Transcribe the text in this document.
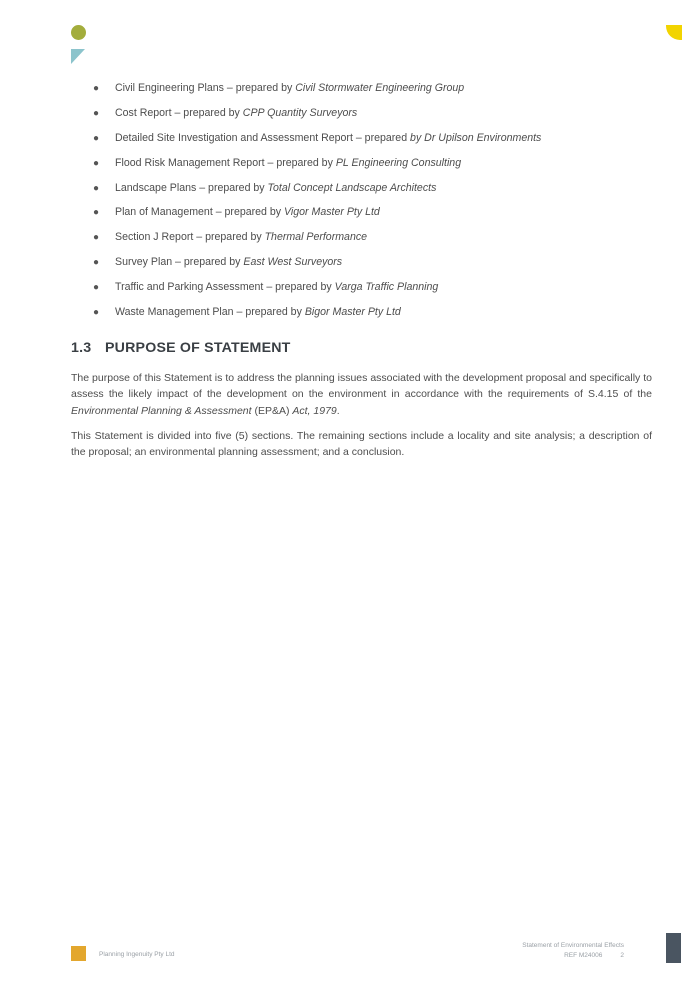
● Civil Engineering Plans – prepared by Civil Stormwater Engineering Group
● Cost Report – prepared by CPP Quantity Surveyors
● Detailed Site Investigation and Assessment Report – prepared by Dr Upilson Environments
● Flood Risk Management Report – prepared by PL Engineering Consulting
● Landscape Plans – prepared by Total Concept Landscape Architects
● Plan of Management – prepared by Vigor Master Pty Ltd
● Section J Report – prepared by Thermal Performance
● Survey Plan – prepared by East West Surveyors
● Traffic and Parking Assessment – prepared by Varga Traffic Planning
● Waste Management Plan – prepared by Bigor Master Pty Ltd
1.3 PURPOSE OF STATEMENT

The purpose of this Statement is to address the planning issues associated with the development proposal and specifically to assess the likely impact of the development on the environment in accordance with the requirements of S.4.15 of the Environmental Planning & Assessment (EP&A) Act, 1979.

This Statement is divided into five (5) sections. The remaining sections include a locality and site analysis; a description of the proposal; an environmental planning assessment; and a conclusion.

Planning Ingenuity Pty Ltd
Statement of Environmental Effects
REF M24006	2
